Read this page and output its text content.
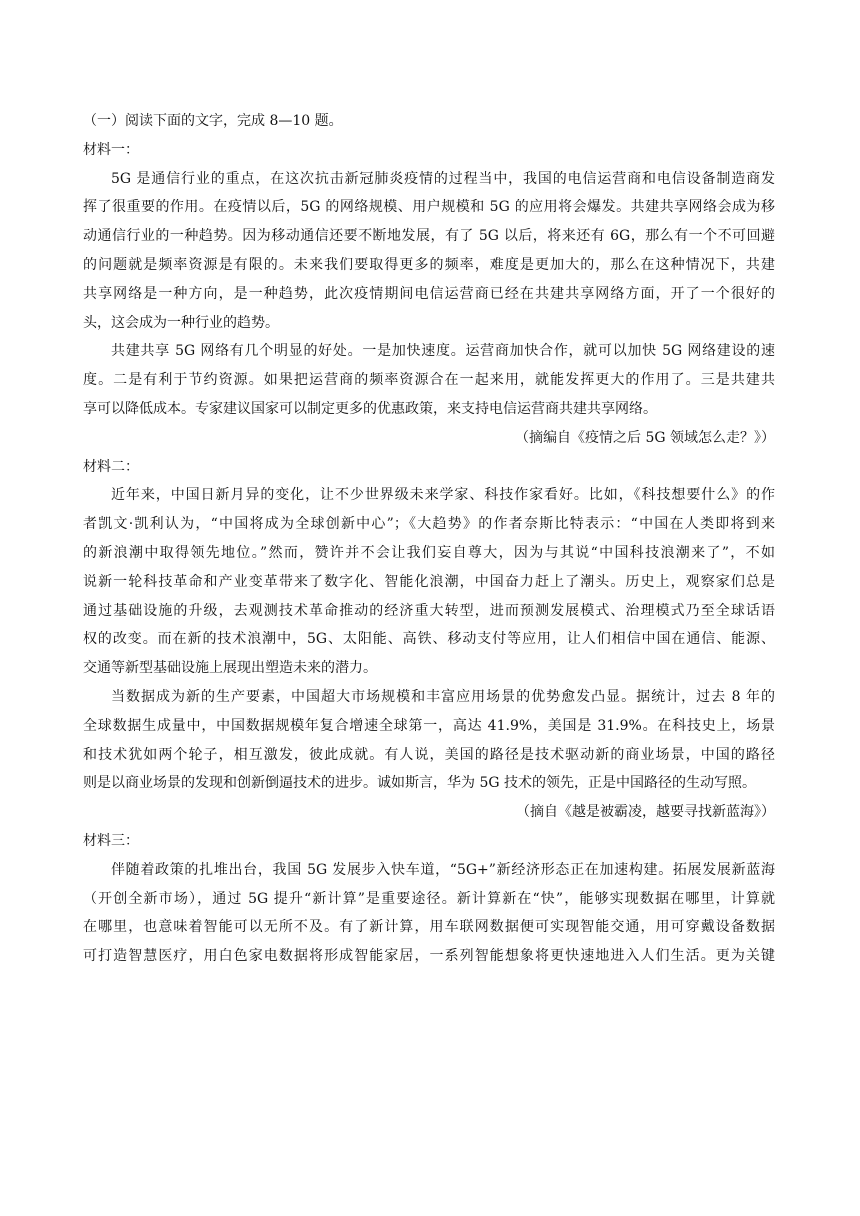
（一）阅读下面的文字，完成 8—10 题。
材料一：
5G 是通信行业的重点，在这次抗击新冠肺炎疫情的过程当中，我国的电信运营商和电信设备制造商发
挥了很重要的作用。在疫情以后，5G 的网络规模、用户规模和 5G 的应用将会爆发。共建共享网络会成为移
动通信行业的一种趋势。因为移动通信还要不断地发展，有了 5G 以后，将来还有 6G，那么有一个不可回避
的问题就是频率资源是有限的。未来我们要取得更多的频率，难度是更加大的，那么在这种情况下，共建
共享网络是一种方向，是一种趋势，此次疫情期间电信运营商已经在共建共享网络方面，开了一个很好的
头，这会成为一种行业的趋势。
共建共享 5G 网络有几个明显的好处。一是加快速度。运营商加快合作，就可以加快 5G 网络建设的速
度。二是有利于节约资源。如果把运营商的频率资源合在一起来用，就能发挥更大的作用了。三是共建共
享可以降低成本。专家建议国家可以制定更多的优惠政策，来支持电信运营商共建共享网络。
（摘编自《疫情之后 5G 领域怎么走？》）
材料二：
近年来，中国日新月异的变化，让不少世界级未来学家、科技作家看好。比如，《科技想要什么》的作
者凯文·凯利认为，“中国将成为全球创新中心”；《大趋势》的作者奈斯比特表示：“中国在人类即将到来
的新浪潮中取得领先地位。”然而，赞许并不会让我们妄自尊大，因为与其说“中国科技浪潮来了”，不如
说新一轮科技革命和产业变革带来了数字化、智能化浪潮，中国奋力赶上了潮头。历史上，观察家们总是
通过基础设施的升级，去观测技术革命推动的经济重大转型，进而预测发展模式、治理模式乃至全球话语
权的改变。而在新的技术浪潮中，5G、太阳能、高铁、移动支付等应用，让人们相信中国在通信、能源、
交通等新型基础设施上展现出塑造未来的潜力。
当数据成为新的生产要素，中国超大市场规模和丰富应用场景的优势愈发凸显。据统计，过去 8 年的
全球数据生成量中，中国数据规模年复合增速全球第一，高达 41.9%，美国是 31.9%。在科技史上，场景
和技术犹如两个轮子，相互激发，彼此成就。有人说，美国的路径是技术驱动新的商业场景，中国的路径
则是以商业场景的发现和创新倒逼技术的进步。诚如斯言，华为 5G 技术的领先，正是中国路径的生动写照。
（摘自《越是被霸凌，越要寻找新蓝海》）
材料三：
伴随着政策的扎堆出台，我国 5G 发展步入快车道，“5G+”新经济形态正在加速构建。拓展发展新蓝海
（开创全新市场），通过 5G 提升“新计算”是重要途径。新计算新在“快”，能够实现数据在哪里，计算就
在哪里，也意味着智能可以无所不及。有了新计算，用车联网数据便可实现智能交通，用可穿戴设备数据
可打造智慧医疗，用白色家电数据将形成智能家居，一系列智能想象将更快速地进入人们生活。更为关键
